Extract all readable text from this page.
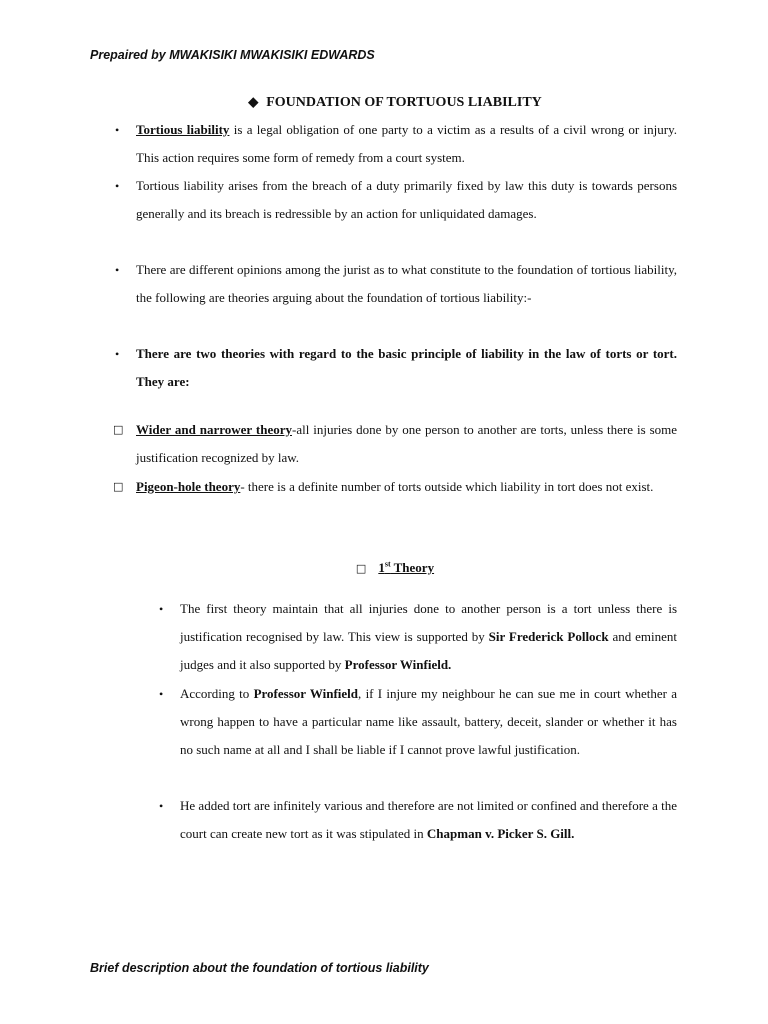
Prepaired by MWAKISIKI MWAKISIKI EDWARDS
◆ FOUNDATION OF TORTUOUS LIABILITY
• Tortious liability is a legal obligation of one party to a victim as a results of a civil wrong or injury. This action requires some form of remedy from a court system.
• Tortious liability arises from the breach of a duty primarily fixed by law this duty is towards persons generally and its breach is redressible by an action for unliquidated damages.
• There are different opinions among the jurist as to what constitute to the foundation of tortious liability, the following are theories arguing about the foundation of tortious liability:-
• There are two theories with regard to the basic principle of liability in the law of torts or tort. They are:
□ Wider and narrower theory-all injuries done by one person to another are torts, unless there is some justification recognized by law.
□ Pigeon-hole theory- there is a definite number of torts outside which liability in tort does not exist.
□ 1st Theory
• The first theory maintain that all injuries done to another person is a tort unless there is justification recognised by law. This view is supported by Sir Frederick Pollock and eminent judges and it also supported by Professor Winfield.
• According to Professor Winfield, if I injure my neighbour he can sue me in court whether a wrong happen to have a particular name like assault, battery, deceit, slander or whether it has no such name at all and I shall be liable if I cannot prove lawful justification.
• He added tort are infinitely various and therefore are not limited or confined and therefore a the court can create new tort as it was stipulated in Chapman v. Picker S. Gill.
Brief description about the foundation of tortious liability
